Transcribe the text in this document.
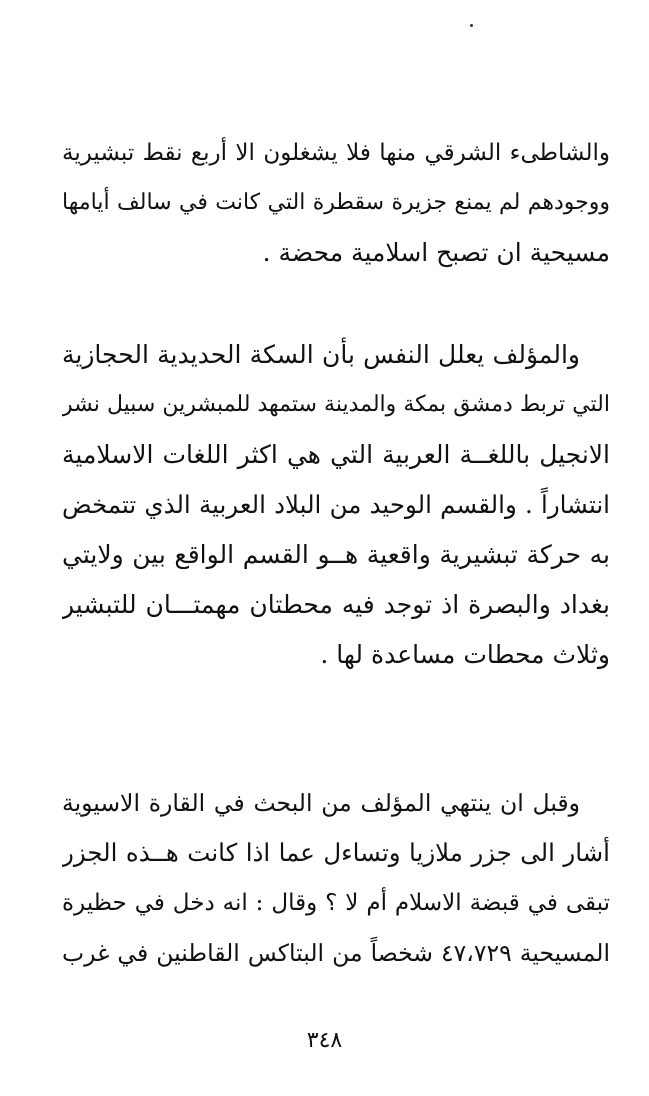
والشاطىء الشرقي منها فلا يشغلون الا أربع نقط تبشيرية
ووجودهم لم يمنع جزيرة سقطرة التي كانت في سالف أيامها
مسيحية ان تصبح اسلامية محضة .
والمؤلف يعلل النفس بأن السكة الحديدية الحجازية
التي تربط دمشق بمكة والمدينة ستمهد للمبشرين سبيل نشر
الانجيل باللغــة العربية التي هي اكثر اللغات الاسلامية
انتشاراً . والقسم الوحيد من البلاد العربية الذي تتمخض
به حركة تبشيرية واقعية هــو القسم الواقع بين ولايتي
بغداد والبصرة اذ توجد فيه محطتان مهمتـــان للتبشير
وثلاث محطات مساعدة لها .
وقبل ان ينتهي المؤلف من البحث في القارة الاسيوية
أشار الى جزر ملازيا وتساءل عما اذا كانت هــذه الجزر
تبقى في قبضة الاسلام أم لا ؟ وقال : انه دخل في حظيرة
المسيحية ٤٧،٧٢٩ شخصاً من البتاكس القاطنين في غرب
٣٤٨
